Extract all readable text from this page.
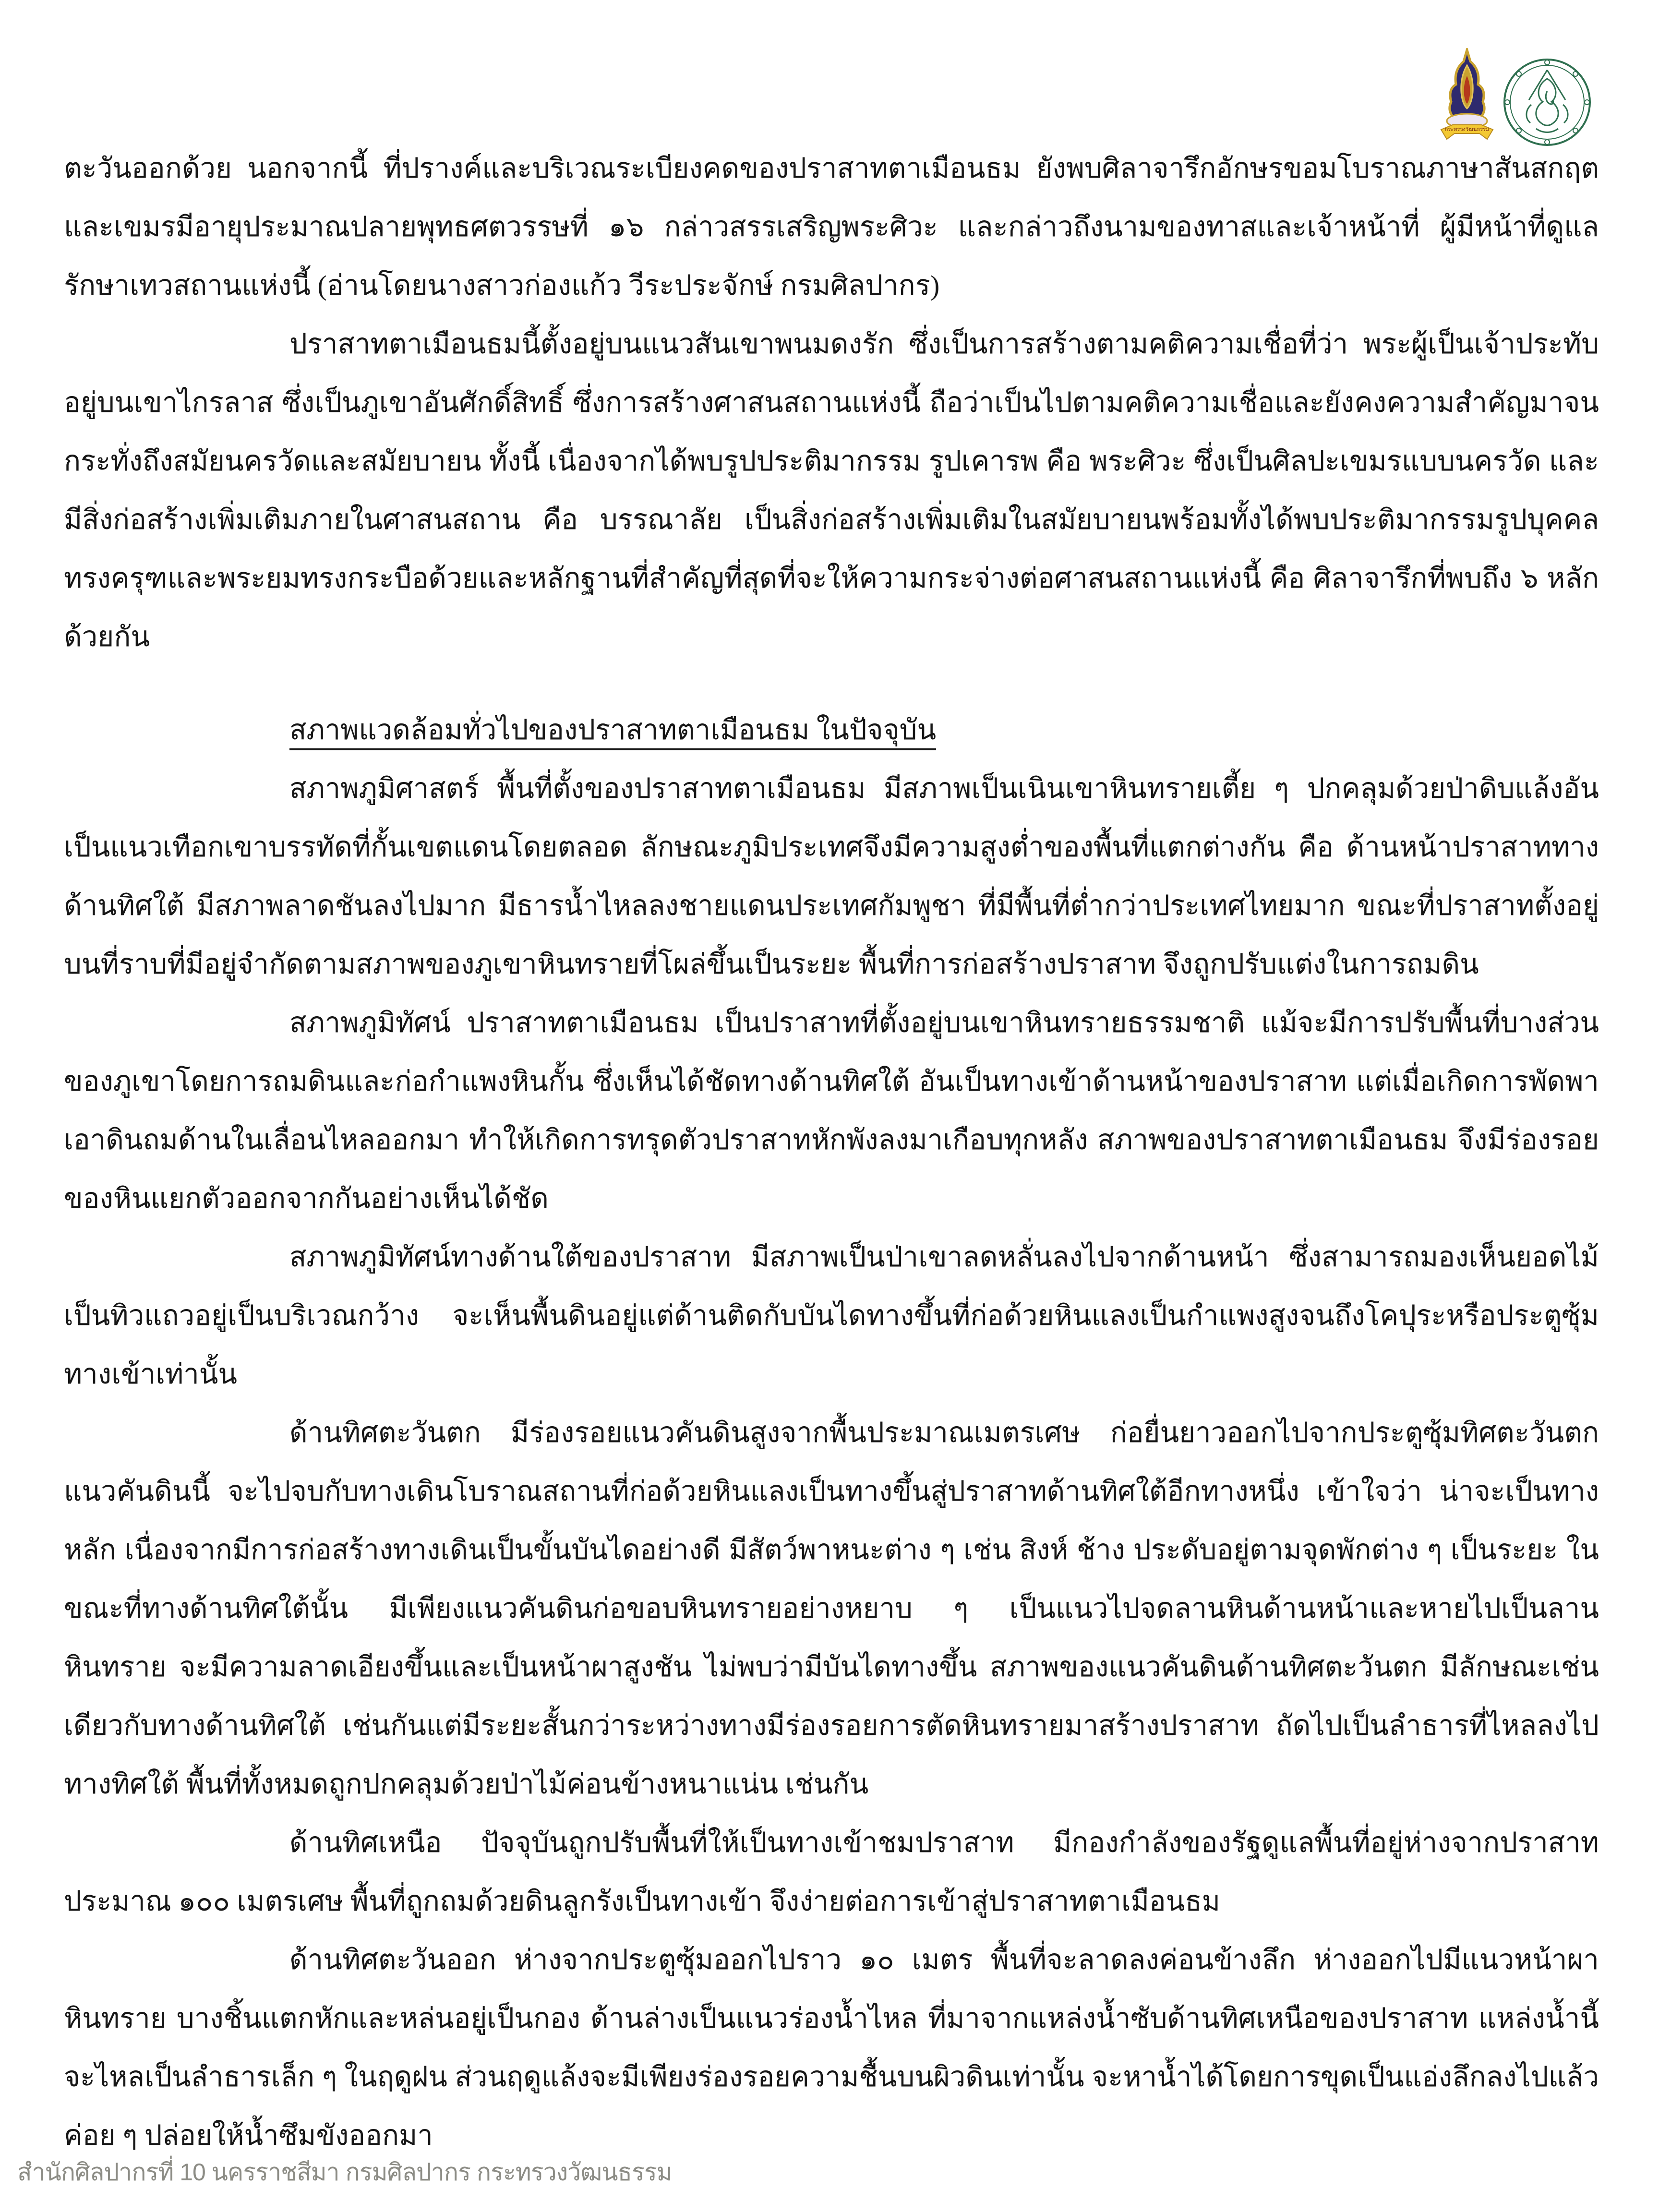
กระทรวงวัฒนธรรม

ตะวันออกด้วย นอกจากนี้ ที่ปรางค์และบริเวณระเบียงคดของปราสาทตาเมือนธม ยังพบศิลาจารึกอักษรขอมโบราณภาษาสันสกฤตและเขมรมีอายุประมาณปลายพุทธศตวรรษที่ ๑๖ กล่าวสรรเสริญพระศิวะ และกล่าวถึงนามของทาสและเจ้าหน้าที่ ผู้มีหน้าที่ดูแลรักษาเทวสถานแห่งนี้ (อ่านโดยนางสาวก่องแก้ว วีระประจักษ์ กรมศิลปากร)

ปราสาทตาเมือนธมนี้ตั้งอยู่บนแนวสันเขาพนมดงรัก ซึ่งเป็นการสร้างตามคติความเชื่อที่ว่า พระผู้เป็นเจ้าประทับอยู่บนเขาไกรลาส ซึ่งเป็นภูเขาอันศักดิ์สิทธิ์ ซึ่งการสร้างศาสนสถานแห่งนี้ ถือว่าเป็นไปตามคติความเชื่อและยังคงความสำคัญมาจนกระทั่งถึงสมัยนครวัดและสมัยบายน ทั้งนี้ เนื่องจากได้พบรูปประติมากรรม รูปเคารพ คือ พระศิวะ ซึ่งเป็นศิลปะเขมรแบบนครวัด และมีสิ่งก่อสร้างเพิ่มเติมภายในศาสนสถาน คือ บรรณาลัย เป็นสิ่งก่อสร้างเพิ่มเติมในสมัยบายนพร้อมทั้งได้พบประติมากรรมรูปบุคคลทรงครุฑและพระยมทรงกระบือด้วยและหลักฐานที่สำคัญที่สุดที่จะให้ความกระจ่างต่อศาสนสถานแห่งนี้ คือ ศิลาจารึกที่พบถึง ๖ หลักด้วยกัน

สภาพแวดล้อมทั่วไปของปราสาทตาเมือนธม ในปัจจุบัน

สภาพภูมิศาสตร์ พื้นที่ตั้งของปราสาทตาเมือนธม มีสภาพเป็นเนินเขาหินทรายเตี้ย ๆ ปกคลุมด้วยป่าดิบแล้งอันเป็นแนวเทือกเขาบรรทัดที่กั้นเขตแดนโดยตลอด ลักษณะภูมิประเทศจึงมีความสูงต่ำของพื้นที่แตกต่างกัน คือ ด้านหน้าปราสาททางด้านทิศใต้ มีสภาพลาดชันลงไปมาก มีธารน้ำไหลลงชายแดนประเทศกัมพูชา ที่มีพื้นที่ต่ำกว่าประเทศไทยมาก ขณะที่ปราสาทตั้งอยู่บนที่ราบที่มีอยู่จำกัดตามสภาพของภูเขาหินทรายที่โผล่ขึ้นเป็นระยะ พื้นที่การก่อสร้างปราสาท จึงถูกปรับแต่งในการถมดิน

สภาพภูมิทัศน์ ปราสาทตาเมือนธม เป็นปราสาทที่ตั้งอยู่บนเขาหินทรายธรรมชาติ แม้จะมีการปรับพื้นที่บางส่วนของภูเขาโดยการถมดินและก่อกำแพงหินกั้น ซึ่งเห็นได้ชัดทางด้านทิศใต้ อันเป็นทางเข้าด้านหน้าของปราสาท แต่เมื่อเกิดการพัดพาเอาดินถมด้านในเลื่อนไหลออกมา ทำให้เกิดการทรุดตัวปราสาทหักพังลงมาเกือบทุกหลัง สภาพของปราสาทตาเมือนธม จึงมีร่องรอยของหินแยกตัวออกจากกันอย่างเห็นได้ชัด

สภาพภูมิทัศน์ทางด้านใต้ของปราสาท มีสภาพเป็นป่าเขาลดหลั่นลงไปจากด้านหน้า ซึ่งสามารถมองเห็นยอดไม้เป็นทิวแถวอยู่เป็นบริเวณกว้าง จะเห็นพื้นดินอยู่แต่ด้านติดกับบันไดทางขึ้นที่ก่อด้วยหินแลงเป็นกำแพงสูงจนถึงโคปุระหรือประตูซุ้มทางเข้าเท่านั้น

ด้านทิศตะวันตก มีร่องรอยแนวคันดินสูงจากพื้นประมาณเมตรเศษ ก่อยื่นยาวออกไปจากประตูซุ้มทิศตะวันตก แนวคันดินนี้ จะไปจบกับทางเดินโบราณสถานที่ก่อด้วยหินแลงเป็นทางขึ้นสู่ปราสาทด้านทิศใต้อีกทางหนึ่ง เข้าใจว่า น่าจะเป็นทางหลัก เนื่องจากมีการก่อสร้างทางเดินเป็นขั้นบันไดอย่างดี มีสัตว์พาหนะต่าง ๆ เช่น สิงห์ ช้าง ประดับอยู่ตามจุดพักต่าง ๆ เป็นระยะ ในขณะที่ทางด้านทิศใต้นั้น มีเพียงแนวคันดินก่อขอบหินทรายอย่างหยาบ ๆ เป็นแนวไปจดลานหินด้านหน้าและหายไปเป็นลานหินทราย จะมีความลาดเอียงขึ้นและเป็นหน้าผาสูงชัน ไม่พบว่ามีบันไดทางขึ้น สภาพของแนวคันดินด้านทิศตะวันตก มีลักษณะเช่นเดียวกับทางด้านทิศใต้ เช่นกันแต่มีระยะสั้นกว่าระหว่างทางมีร่องรอยการตัดหินทรายมาสร้างปราสาท ถัดไปเป็นลำธารที่ไหลลงไปทางทิศใต้ พื้นที่ทั้งหมดถูกปกคลุมด้วยป่าไม้ค่อนข้างหนาแน่น เช่นกัน

ด้านทิศเหนือ ปัจจุบันถูกปรับพื้นที่ให้เป็นทางเข้าชมปราสาท มีกองกำลังของรัฐดูแลพื้นที่อยู่ห่างจากปราสาทประมาณ ๑๐๐ เมตรเศษ พื้นที่ถูกถมด้วยดินลูกรังเป็นทางเข้า จึงง่ายต่อการเข้าสู่ปราสาทตาเมือนธม

ด้านทิศตะวันออก ห่างจากประตูซุ้มออกไปราว ๑๐ เมตร พื้นที่จะลาดลงค่อนข้างลึก ห่างออกไปมีแนวหน้าผาหินทราย บางชิ้นแตกหักและหล่นอยู่เป็นกอง ด้านล่างเป็นแนวร่องน้ำไหล ที่มาจากแหล่งน้ำซับด้านทิศเหนือของปราสาท แหล่งน้ำนี้จะไหลเป็นลำธารเล็ก ๆ ในฤดูฝน ส่วนฤดูแล้งจะมีเพียงร่องรอยความชื้นบนผิวดินเท่านั้น จะหาน้ำได้โดยการขุดเป็นแอ่งลึกลงไปแล้ว ค่อย ๆ ปล่อยให้น้ำซึมขังออกมา

สำนักศิลปากรที่ 10 นครราชสีมา กรมศิลปากร กระทรวงวัฒนธรรม
